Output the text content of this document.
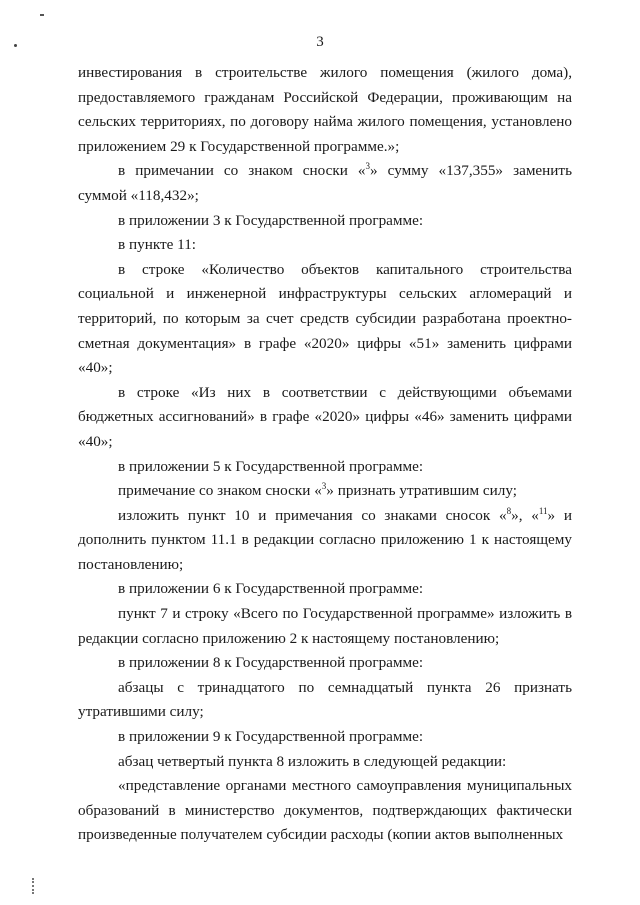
3

инвестирования в строительстве жилого помещения (жилого дома), предоставляемого гражданам Российской Федерации, проживающим на сельских территориях, по договору найма жилого помещения, установлено приложением 29 к Государственной программе.»;

в примечании со знаком сноски «$^3$» сумму «137,355» заменить суммой «118,432»;

в приложении 3 к Государственной программе:

в пункте 11:

в строке «Количество объектов капитального строительства социальной и инженерной инфраструктуры сельских агломераций и территорий, по которым за счет средств субсидии разработана проектно-сметная документация» в графе «2020» цифры «51» заменить цифрами «40»;

в строке «Из них в соответствии с действующими объемами бюджетных ассигнований» в графе «2020» цифры «46» заменить цифрами «40»;

в приложении 5 к Государственной программе:

примечание со знаком сноски «$^3$» признать утратившим силу;

изложить пункт 10 и примечания со знаками сносок «$^8$», «$^{11}$» и дополнить пунктом 11.1 в редакции согласно приложению 1 к настоящему постановлению;

в приложении 6 к Государственной программе:

пункт 7 и строку «Всего по Государственной программе» изложить в редакции согласно приложению 2 к настоящему постановлению;

в приложении 8 к Государственной программе:

абзацы с тринадцатого по семнадцатый пункта 26 признать утратившими силу;

в приложении 9 к Государственной программе:

абзац четвертый пункта 8 изложить в следующей редакции:

«представление органами местного самоуправления муниципальных образований в министерство документов, подтверждающих фактически произведенные получателем субсидии расходы (копии актов выполненных
